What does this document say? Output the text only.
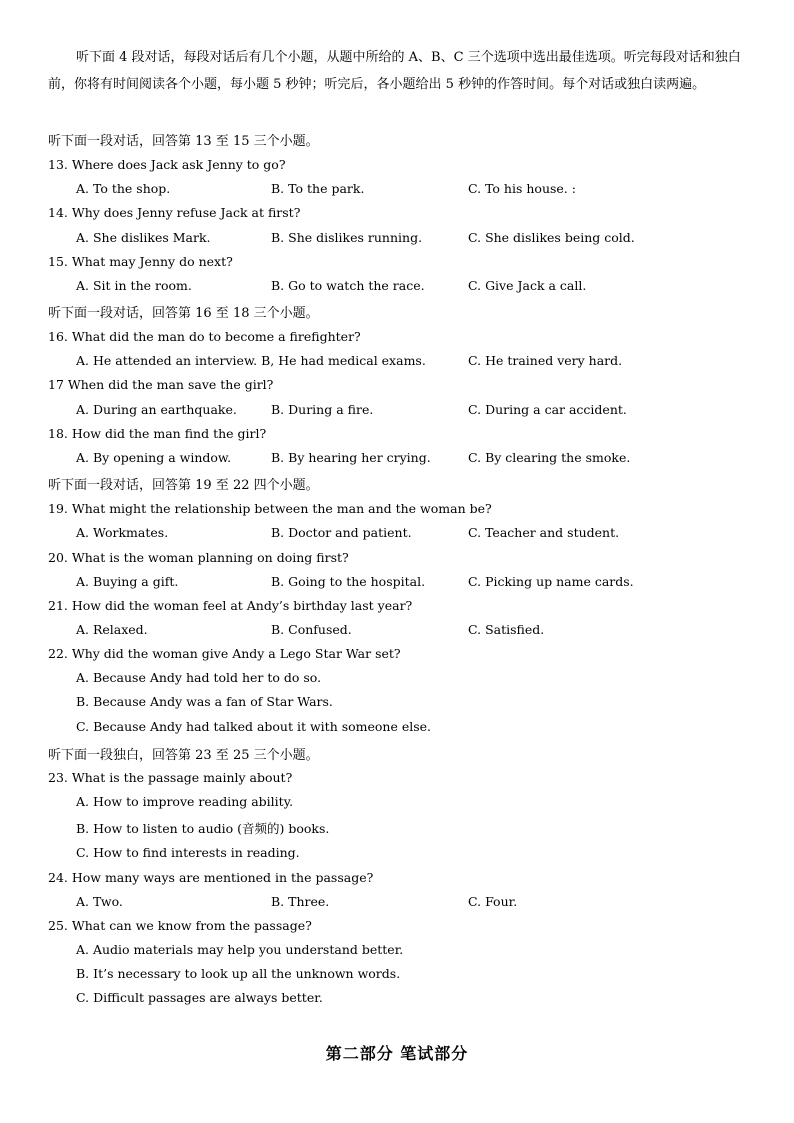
听下面 4 段对话，每段对话后有几个小题，从题中所给的 A、B、C 三个选项中选出最佳选项。听完每段对话和独白前，你将有时间阅读各个小题，每小题 5 秒钟；听完后，各小题给出 5 秒钟的作答时间。每个对话或独白读两遍。

听下面一段对话，回答第 13 至 15 三个小题。
13. Where does Jack ask Jenny to go?
A. To the shop.	B. To the park.	C. To his house. :
14. Why does Jenny refuse Jack at first?
A. She dislikes Mark.	B. She dislikes running.	C. She dislikes being cold.
15. What may Jenny do next?
A. Sit in the room.	B. Go to watch the race.	C. Give Jack a call.
听下面一段对话，回答第 16 至 18 三个小题。
16. What did the man do to become a firefighter?
A. He attended an interview. B, He had medical exams.	C. He trained very hard.
17 When did the man save the girl?
A. During an earthquake.	B. During a fire.	C. During a car accident.
18. How did the man find the girl?
A. By opening a window.	B. By hearing her crying.	C. By clearing the smoke.
听下面一段对话，回答第 19 至 22 四个小题。
19. What might the relationship between the man and the woman be?
A. Workmates.	B. Doctor and patient.	C. Teacher and student.
20. What is the woman planning on doing first?
A. Buying a gift.	B. Going to the hospital.	C. Picking up name cards.
21. How did the woman feel at Andy’s birthday last year?
A. Relaxed.	B. Confused.	C. Satisfied.
22. Why did the woman give Andy a Lego Star War set?
A. Because Andy had told her to do so.
B. Because Andy was a fan of Star Wars.
C. Because Andy had talked about it with someone else.
听下面一段独白，回答第 23 至 25 三个小题。
23. What is the passage mainly about?
A. How to improve reading ability.
B. How to listen to audio (音频的) books.
C. How to find interests in reading.
24. How many ways are mentioned in the passage?
A. Two.	B. Three.	C. Four.
25. What can we know from the passage?
A. Audio materials may help you understand better.
B. It’s necessary to look up all the unknown words.
C. Difficult passages are always better.
第二部分 笔试部分
